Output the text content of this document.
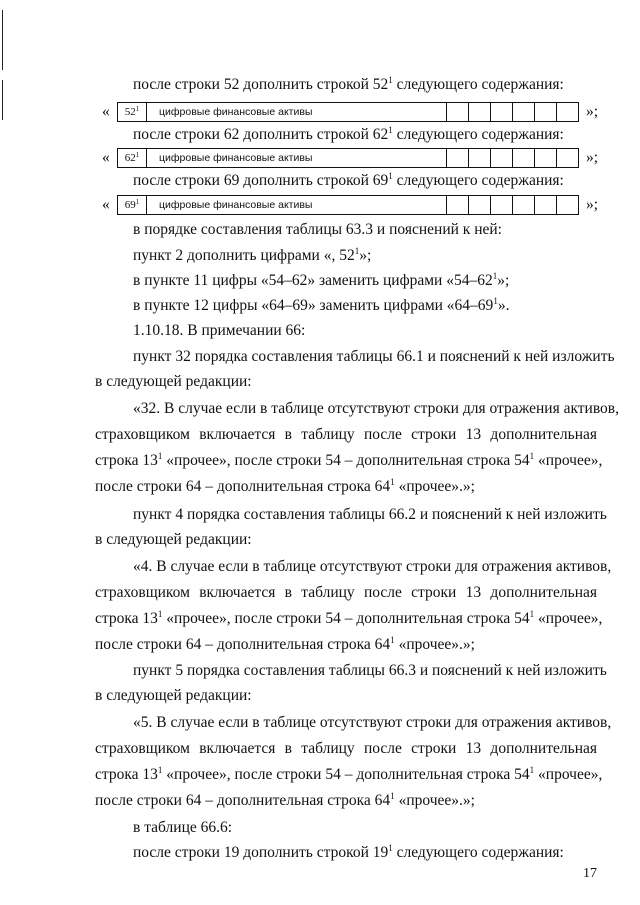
после строки 52 дополнить строкой $52^1$ следующего содержания:
«	$52^1$	цифровые финансовые активы	»;
после строки 62 дополнить строкой $62^1$ следующего содержания:
«	$62^1$	цифровые финансовые активы	»;
после строки 69 дополнить строкой $69^1$ следующего содержания:
«	$69^1$	цифровые финансовые активы	»;
в порядке составления таблицы 63.3 и пояснений к ней:
пункт 2 дополнить цифрами «, $52^1$»;
в пункте 11 цифры «54–62» заменить цифрами «$54-62^1$»;
в пункте 12 цифры «64–69» заменить цифрами «$64-69^1$».
1.10.18. В примечании 66:
пункт 32 порядка составления таблицы 66.1 и пояснений к ней изложить
в следующей редакции:
«32. В случае если в таблице отсутствуют строки для отражения активов,
страховщиком включается в таблицу после строки 13 дополнительная
строка $13^1$ «прочее», после строки 54 – дополнительная строка $54^1$ «прочее»,
после строки 64 – дополнительная строка $64^1$ «прочее».»;
пункт 4 порядка составления таблицы 66.2 и пояснений к ней изложить
в следующей редакции:
«4. В случае если в таблице отсутствуют строки для отражения активов,
страховщиком включается в таблицу после строки 13 дополнительная
строка $13^1$ «прочее», после строки 54 – дополнительная строка $54^1$ «прочее»,
после строки 64 – дополнительная строка $64^1$ «прочее».»;
пункт 5 порядка составления таблицы 66.3 и пояснений к ней изложить
в следующей редакции:
«5. В случае если в таблице отсутствуют строки для отражения активов,
страховщиком включается в таблицу после строки 13 дополнительная
строка $13^1$ «прочее», после строки 54 – дополнительная строка $54^1$ «прочее»,
после строки 64 – дополнительная строка $64^1$ «прочее».»;
в таблице 66.6:
после строки 19 дополнить строкой $19^1$ следующего содержания:
17
